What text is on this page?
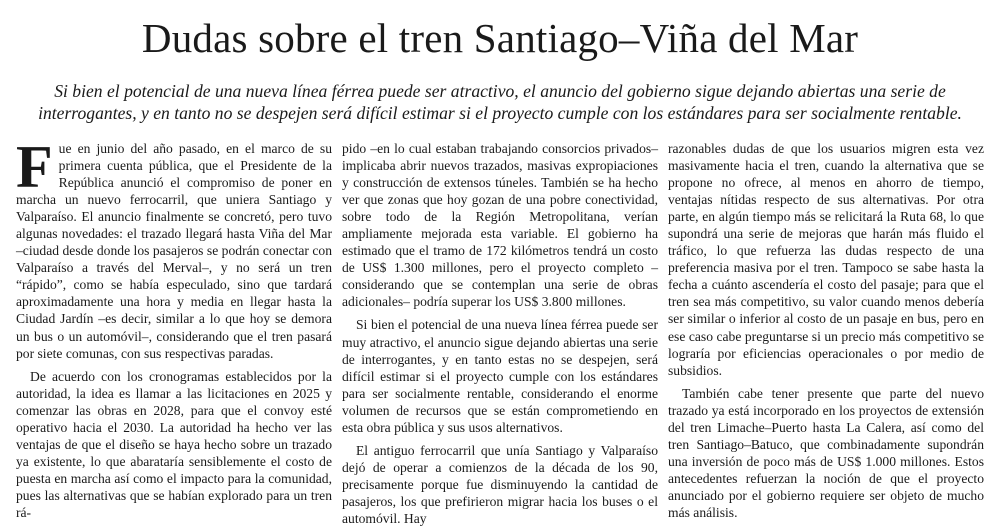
Dudas sobre el tren Santiago–Viña del Mar

Si bien el potencial de una nueva línea férrea puede ser atractivo, el anuncio del gobierno sigue dejando abiertas una serie de interrogantes, y en tanto no se despejen será difícil estimar si el proyecto cumple con los estándares para ser socialmente rentable.

Fue en junio del año pasado, en el marco de su primera cuenta pública, que el Presidente de la República anunció el compromiso de poner en marcha un nuevo ferrocarril, que uniera Santiago y Valparaíso. El anuncio finalmente se concretó, pero tuvo algunas novedades: el trazado llegará hasta Viña del Mar –ciudad desde donde los pasajeros se podrán conectar con Valparaíso a través del Merval–, y no será un tren “rápido”, como se había especulado, sino que tardará aproximadamente una hora y media en llegar hasta la Ciudad Jardín –es decir, similar a lo que hoy se demora un bus o un automóvil–, considerando que el tren pasará por siete comunas, con sus respectivas paradas.

De acuerdo con los cronogramas establecidos por la autoridad, la idea es llamar a las licitaciones en 2025 y comenzar las obras en 2028, para que el convoy esté operativo hacia el 2030. La autoridad ha hecho ver las ventajas de que el diseño se haya hecho sobre un trazado ya existente, lo que abarataría sensiblemente el costo de puesta en marcha así como el impacto para la comunidad, pues las alternativas que se habían explorado para un tren rá-

pido –en lo cual estaban trabajando consorcios privados– implicaba abrir nuevos trazados, masivas expropiaciones y construcción de extensos túneles. También se ha hecho ver que zonas que hoy gozan de una pobre conectividad, sobre todo de la Región Metropolitana, verían ampliamente mejorada esta variable. El gobierno ha estimado que el tramo de 172 kilómetros tendrá un costo de US$ 1.300 millones, pero el proyecto completo –considerando que se contemplan una serie de obras adicionales– podría superar los US$ 3.800 millones.

Si bien el potencial de una nueva línea férrea puede ser muy atractivo, el anuncio sigue dejando abiertas una serie de interrogantes, y en tanto estas no se despejen, será difícil estimar si el proyecto cumple con los estándares para ser socialmente rentable, considerando el enorme volumen de recursos que se están comprometiendo en esta obra pública y sus usos alternativos.

El antiguo ferrocarril que unía Santiago y Valparaíso dejó de operar a comienzos de la década de los 90, precisamente porque fue disminuyendo la cantidad de pasajeros, los que prefirieron migrar hacia los buses o el automóvil. Hay

razonables dudas de que los usuarios migren esta vez masivamente hacia el tren, cuando la alternativa que se propone no ofrece, al menos en ahorro de tiempo, ventajas nítidas respecto de sus alternativas. Por otra parte, en algún tiempo más se relicitará la Ruta 68, lo que supondrá una serie de mejoras que harán más fluido el tráfico, lo que refuerza las dudas respecto de una preferencia masiva por el tren. Tampoco se sabe hasta la fecha a cuánto ascendería el costo del pasaje; para que el tren sea más competitivo, su valor cuando menos debería ser similar o inferior al costo de un pasaje en bus, pero en ese caso cabe preguntarse si un precio más competitivo se lograría por eficiencias operacionales o por medio de subsidios.

También cabe tener presente que parte del nuevo trazado ya está incorporado en los proyectos de extensión del tren Limache–Puerto hasta La Calera, así como del tren Santiago–Batuco, que combinadamente supondrán una inversión de poco más de US$ 1.000 millones. Estos antecedentes refuerzan la noción de que el proyecto anunciado por el gobierno requiere ser objeto de mucho más análisis.
